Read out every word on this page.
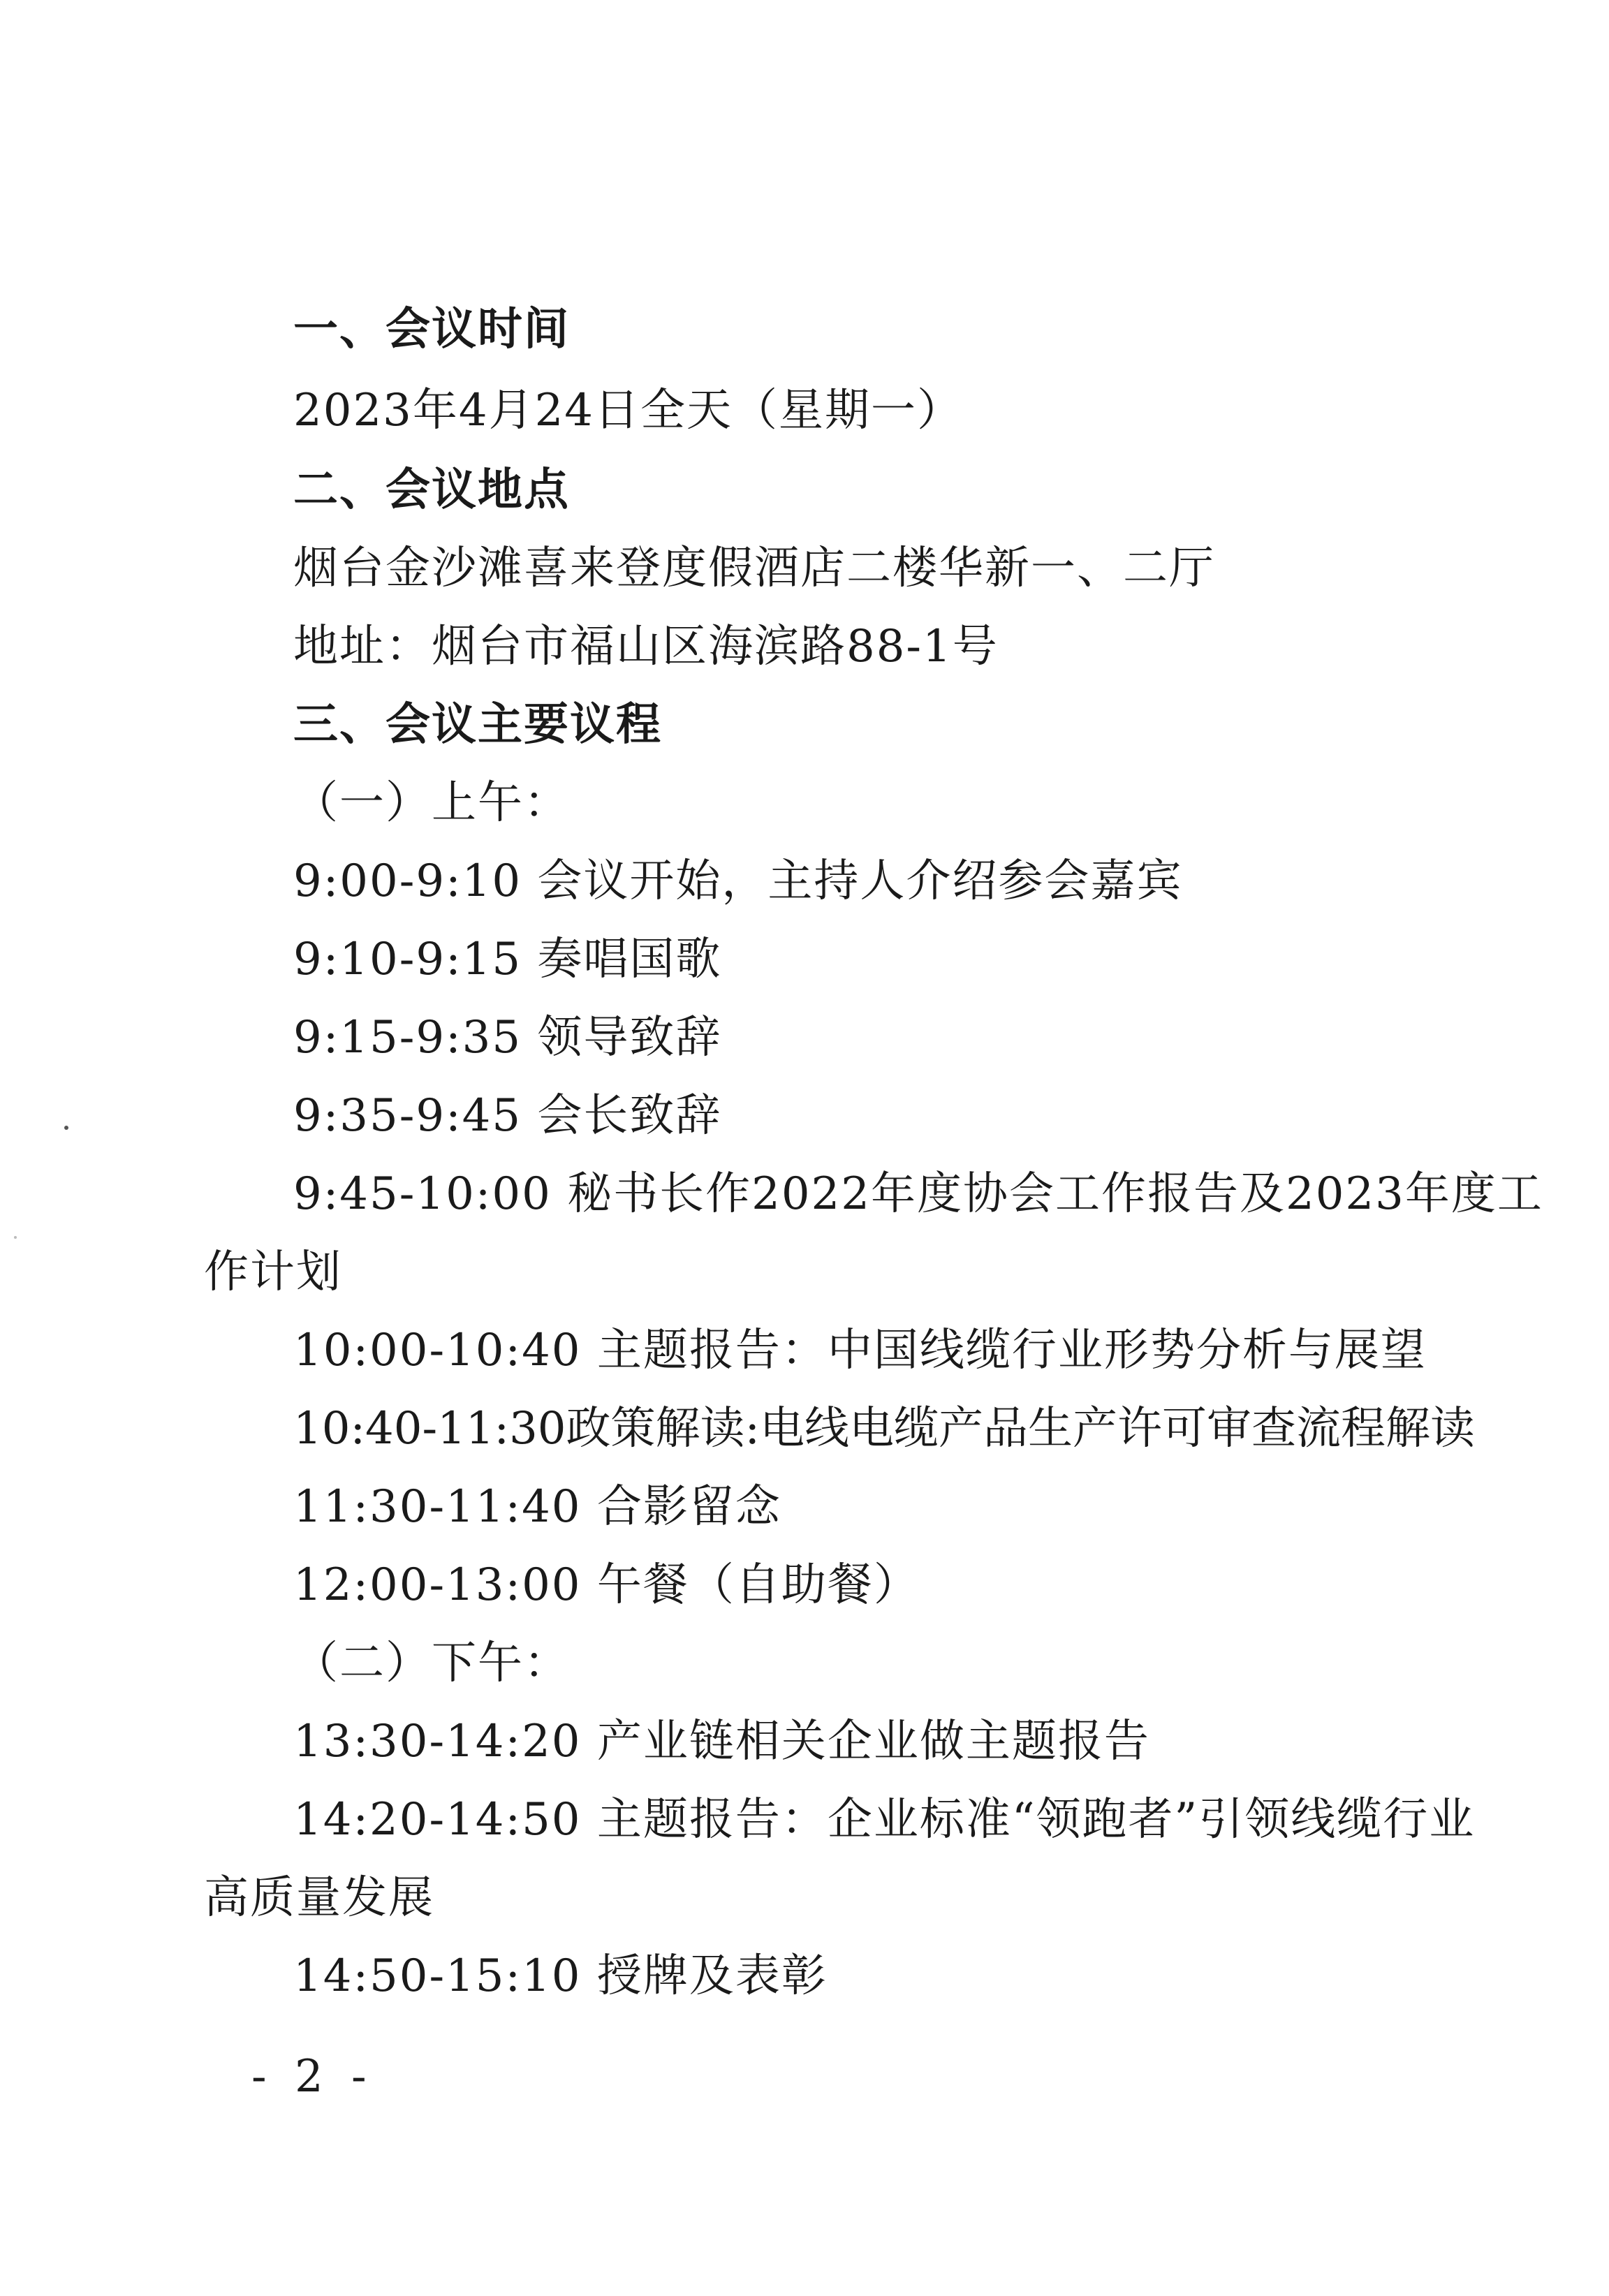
一、会议时间
2023年4月24日全天（星期一）
二、会议地点
烟台金沙滩喜来登度假酒店二楼华新一、二厅
地址：烟台市福山区海滨路88-1号
三、会议主要议程
（一）上午：
9:00-9:10 会议开始，主持人介绍参会嘉宾
9:10-9:15 奏唱国歌
9:15-9:35 领导致辞
9:35-9:45 会长致辞
9:45-10:00 秘书长作2022年度协会工作报告及2023年度工
作计划
10:00-10:40 主题报告：中国线缆行业形势分析与展望
10:40-11:30政策解读:电线电缆产品生产许可审查流程解读
11:30-11:40 合影留念
12:00-13:00 午餐（自助餐）
（二）下午：
13:30-14:20 产业链相关企业做主题报告
14:20-14:50 主题报告：企业标准“领跑者”引领线缆行业
高质量发展
14:50-15:10 授牌及表彰
- 2 -
